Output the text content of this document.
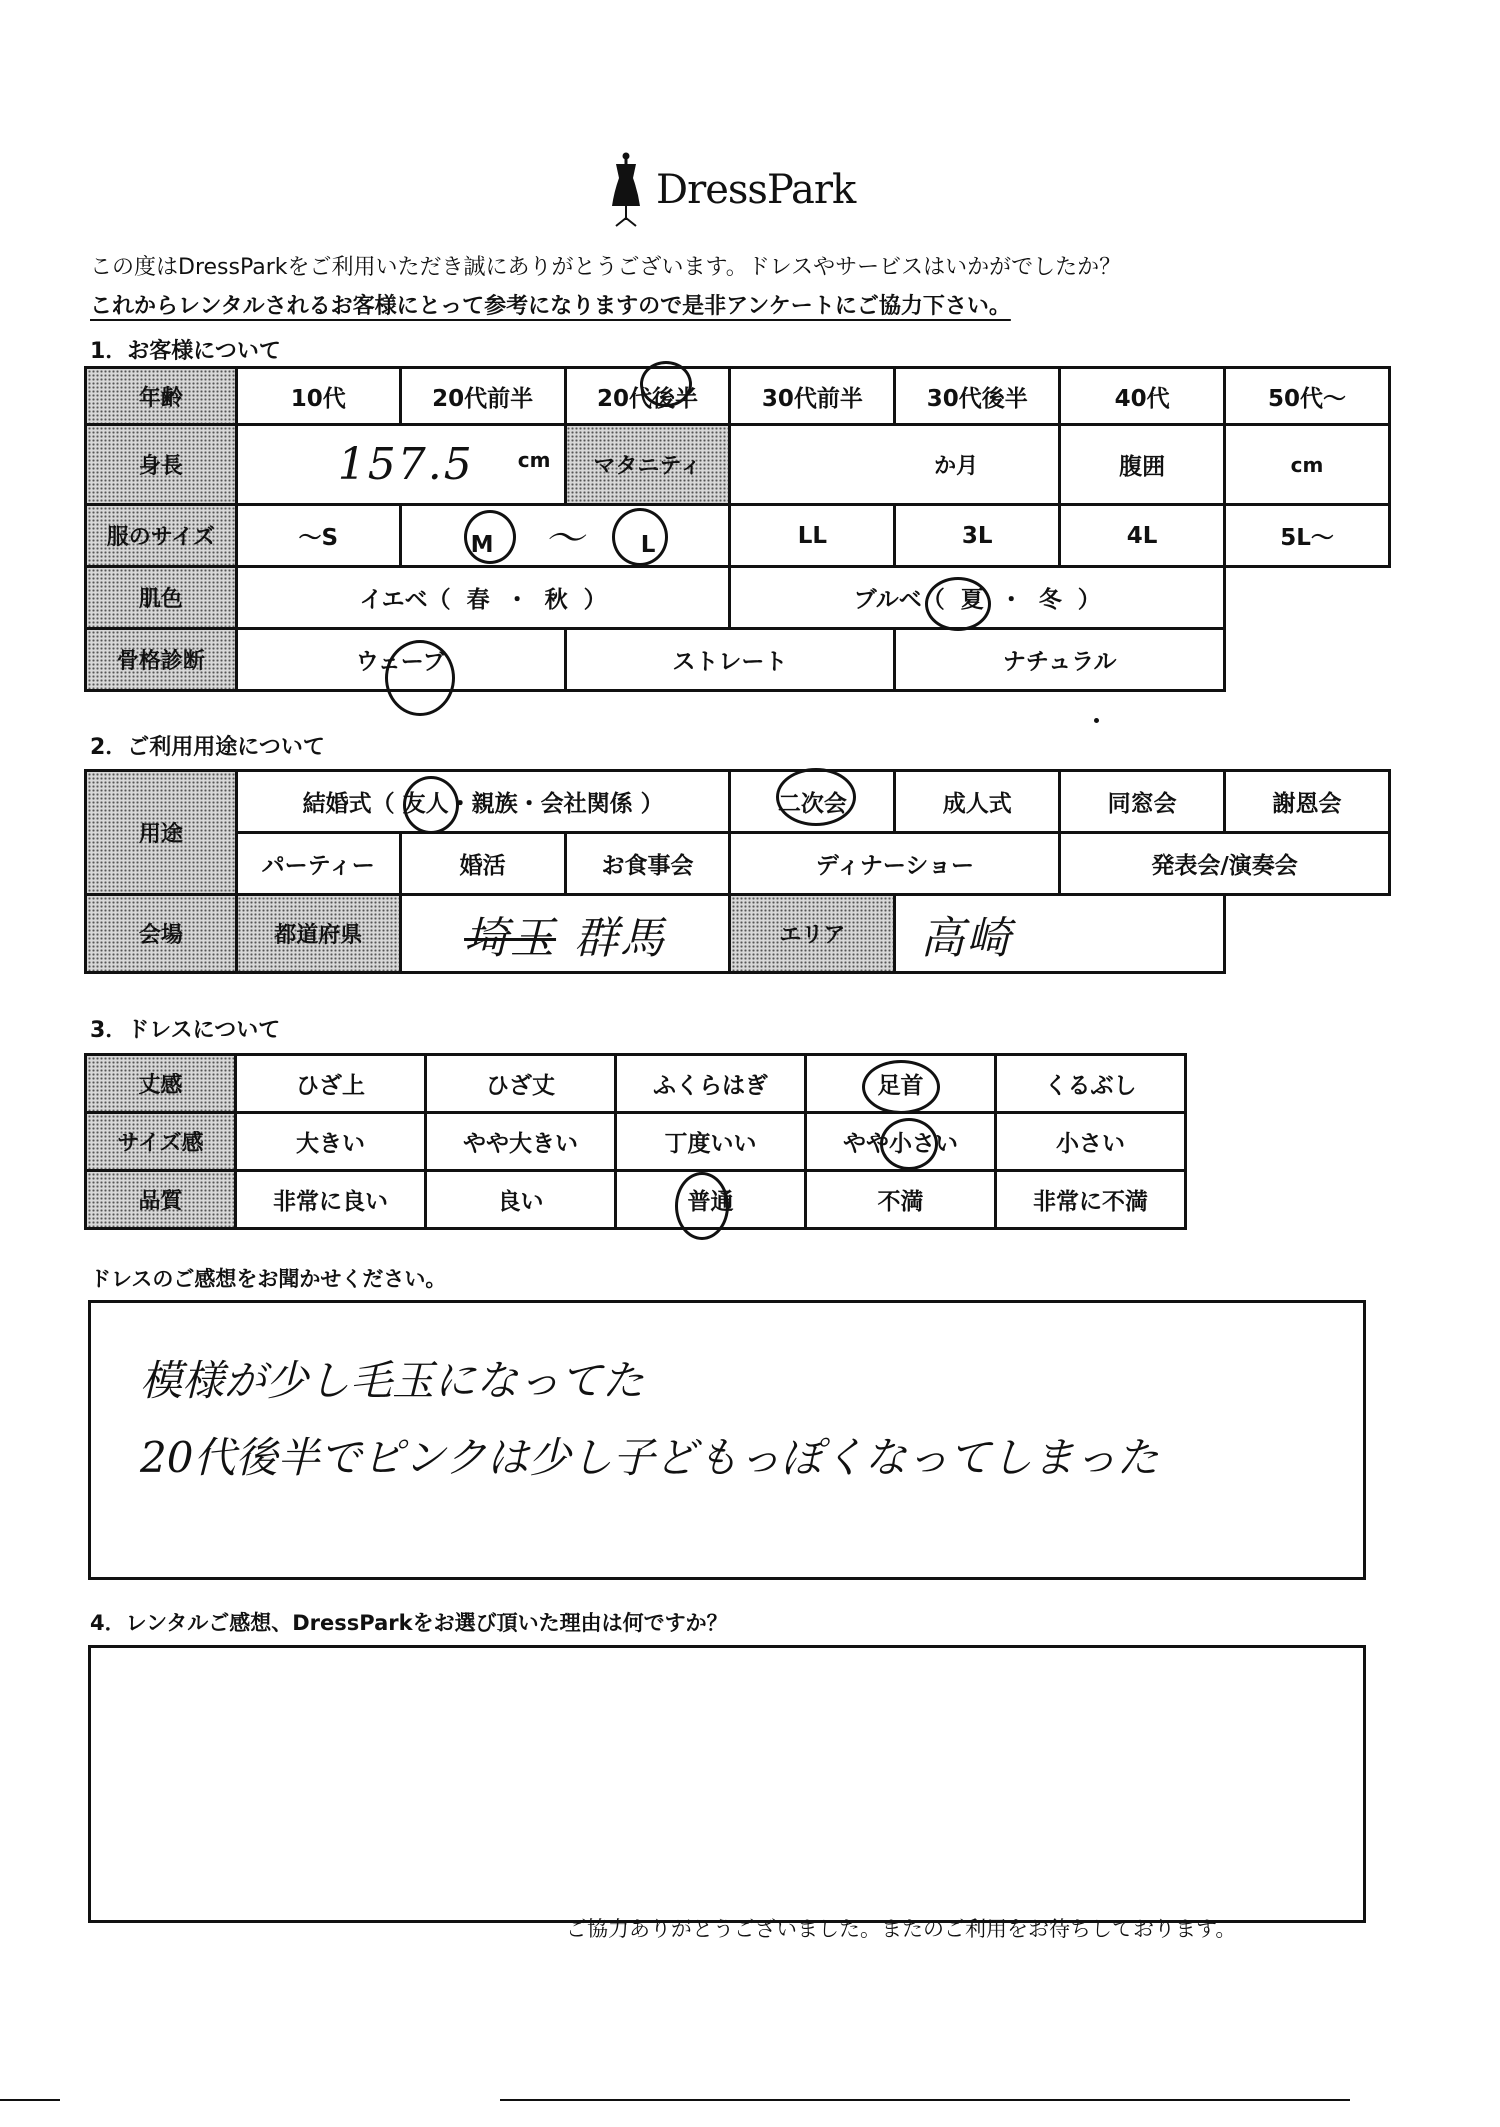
DressPark
この度はDressParkをご利用いただき誠にありがとうございます。ドレスやサービスはいかがでしたか？
これからレンタルされるお客様にとって参考になりますので是非アンケートにご協力下さい。
1．お客様について
年齢	10代	20代前半	20代後半	30代前半	30代後半	40代	50代～
身長	157.5 cm		マタニティ	か月		腹囲	cm
服のサイズ	～S	M ～ L		LL	3L	4L	5L～
肌色	イエベ（ 春 ・ 秋 ）			ブルベ（ 夏 ・ 冬 ）			
骨格診断	ウェーブ		ストレート		ナチュラル		
2．ご利用用途について
用途	結婚式（ 友人・親族・会社関係 ）			二次会	成人式	同窓会	謝恩会
	パーティー	婚活	お食事会	ディナーショー		発表会/演奏会	
会場	都道府県	埼玉 群馬		エリア	高崎		
3．ドレスについて
丈感	ひざ上	ひざ丈	ふくらはぎ	足首	くるぶし
サイズ感	大きい	やや大きい	丁度いい	やや小さい	小さい
品質	非常に良い	良い	普通	不満	非常に不満
ドレスのご感想をお聞かせください。
模様が少し毛玉になってた
20代後半でピンクは少し子どもっぽくなってしまった
4．レンタルご感想、DressParkをお選び頂いた理由は何ですか？
ご協力ありがとうございました。またのご利用をお待ちしております。
